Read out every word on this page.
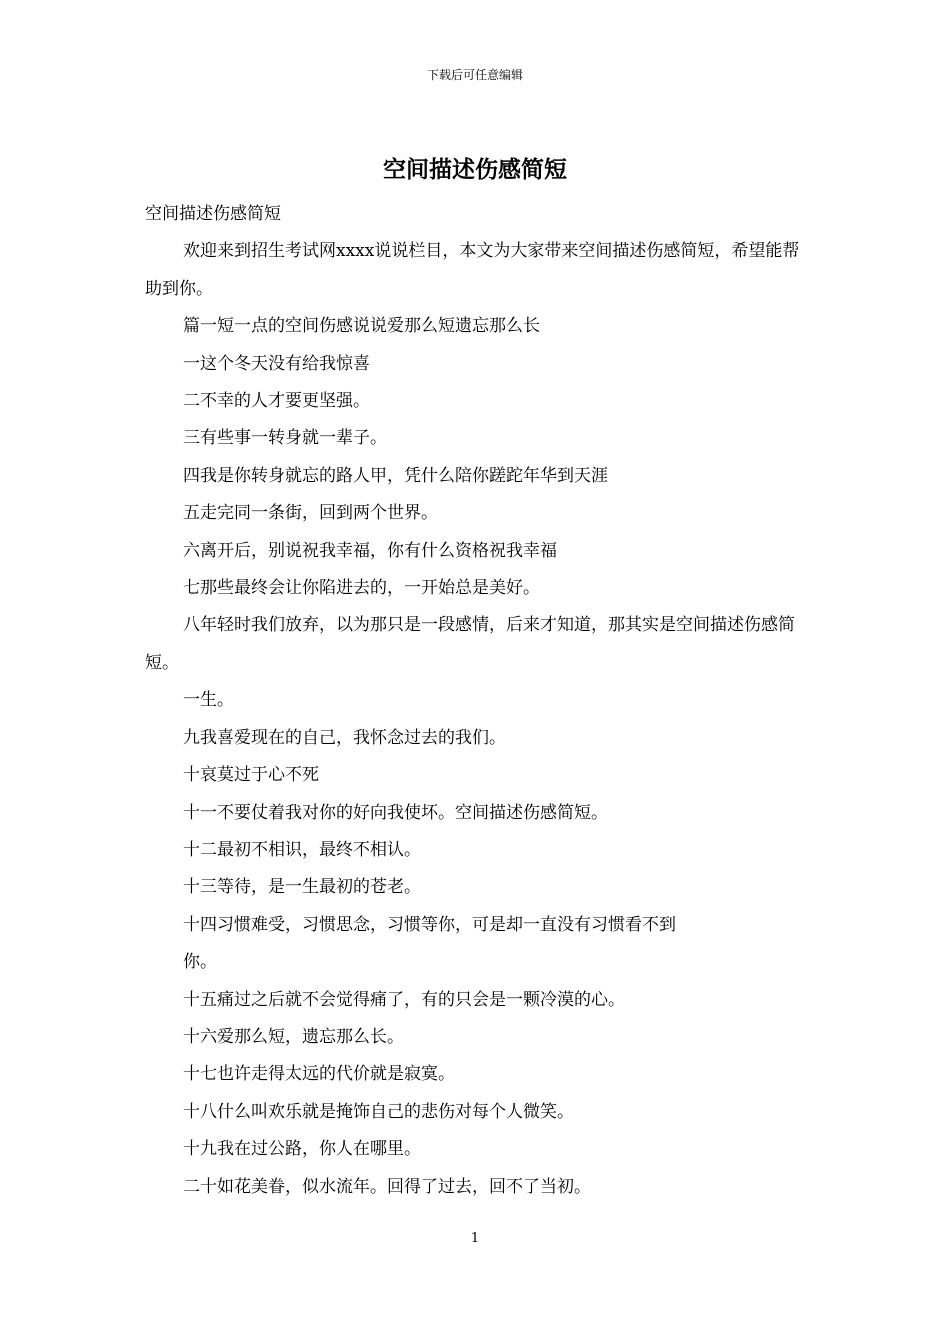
下载后可任意编辑
空间描述伤感简短

空间描述伤感简短

欢迎来到招生考试网xxxx说说栏目，本文为大家带来空间描述伤感简短，希望能帮助到你。

篇一短一点的空间伤感说说爱那么短遗忘那么长

一这个冬天没有给我惊喜

二不幸的人才要更坚强。

三有些事一转身就一辈子。

四我是你转身就忘的路人甲，凭什么陪你蹉跎年华到天涯

五走完同一条街，回到两个世界。

六离开后，别说祝我幸福，你有什么资格祝我幸福

七那些最终会让你陷进去的，一开始总是美好。

八年轻时我们放弃，以为那只是一段感情，后来才知道，那其实是空间描述伤感简短。

一生。

九我喜爱现在的自己，我怀念过去的我们。

十哀莫过于心不死

十一不要仗着我对你的好向我使坏。空间描述伤感简短。

十二最初不相识，最终不相认。

十三等待，是一生最初的苍老。

十四习惯难受，习惯思念，习惯等你，可是却一直没有习惯看不到

你。

十五痛过之后就不会觉得痛了，有的只会是一颗冷漠的心。

十六爱那么短，遗忘那么长。

十七也许走得太远的代价就是寂寞。

十八什么叫欢乐就是掩饰自己的悲伤对每个人微笑。

十九我在过公路，你人在哪里。

二十如花美眷，似水流年。回得了过去，回不了当初。

1
